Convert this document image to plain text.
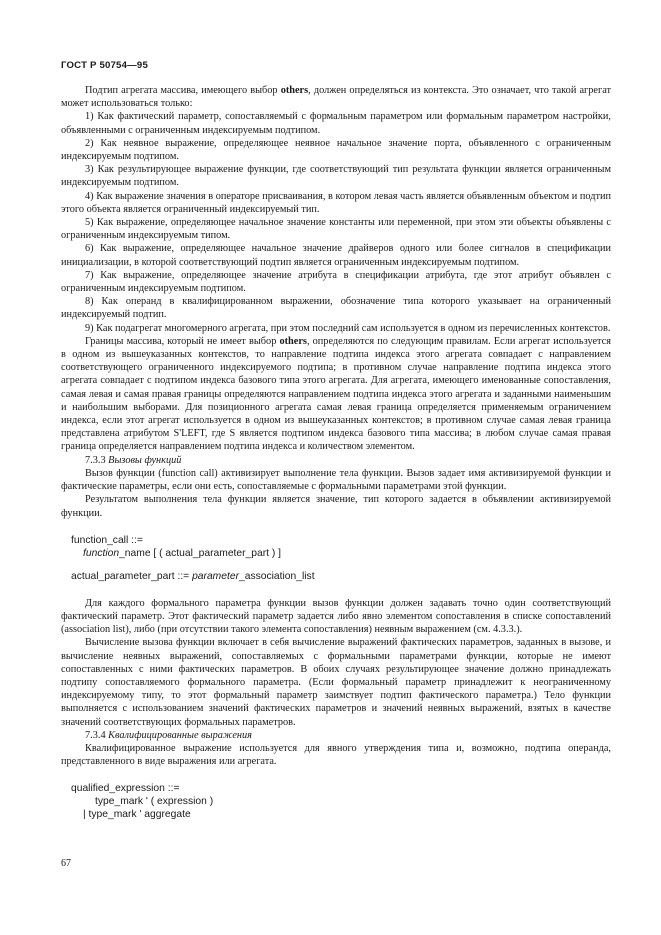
ГОСТ Р 50754—95

Подтип агрегата массива, имеющего выбор others, должен определяться из контекста. Это означает, что такой агрегат может использоваться только:

1) Как фактический параметр, сопоставляемый с формальным параметром или формальным параметром настройки, объявленными с ограниченным индексируемым подтипом.

2) Как неявное выражение, определяющее неявное начальное значение порта, объявленного с ограниченным индексируемым подтипом.

3) Как результирующее выражение функции, где соответствующий тип результата функции является ограниченным индексируемым подтипом.

4) Как выражение значения в операторе присваивания, в котором левая часть является объявленным объектом и подтип этого объекта является ограниченный индексируемый тип.

5) Как выражение, определяющее начальное значение константы или переменной, при этом эти объекты объявлены с ограниченным индексируемым типом.

6) Как выражение, определяющее начальное значение драйверов одного или более сигналов в спецификации инициализации, в которой соответствующий подтип является ограниченным индексируемым подтипом.

7) Как выражение, определяющее значение атрибута в спецификации атрибута, где этот атрибут объявлен с ограниченным индексируемым подтипом.

8) Как операнд в квалифицированном выражении, обозначение типа которого указывает на ограниченный индексируемый подтип.

9) Как подагрегат многомерного агрегата, при этом последний сам используется в одном из перечисленных контекстов.

Границы массива, который не имеет выбор others, определяются по следующим правилам. Если агрегат используется в одном из вышеуказанных контекстов, то направление подтипа индекса этого агрегата совпадает с направлением соответствующего ограниченного индексируемого подтипа; в противном случае направление подтипа индекса этого агрегата совпадает с подтипом индекса базового типа этого агрегата. Для агрегата, имеющего именованные сопоставления, самая левая и самая правая границы определяются направлением подтипа индекса этого агрегата и заданными наименьшим и наибольшим выборами. Для позиционного агрегата самая левая граница определяется применяемым ограничением индекса, если этот агрегат используется в одном из вышеуказанных контекстов; в противном случае самая левая граница представлена атрибутом S'LEFT, где S является подтипом индекса базового типа массива; в любом случае самая правая граница определяется направлением подтипа индекса и количеством элементом.

7.3.3 Вызовы функций

Вызов функции (function call) активизирует выполнение тела функции. Вызов задает имя активизируемой функции и фактические параметры, если они есть, сопоставляемые с формальными параметрами этой функции.

Результатом выполнения тела функции является значение, тип которого задается в объявлении активизируемой функции.

function_call ::=
function_name [ ( actual_parameter_part ) ]
actual_parameter_part ::= parameter_association_list

Для каждого формального параметра функции вызов функции должен задавать точно один соответствующий фактический параметр. Этот фактический параметр задается либо явно элементом сопоставления в списке сопоставлений (association list), либо (при отсутствии такого элемента сопоставления) неявным выражением (см. 4.3.3.).

Вычисление вызова функции включает в себя вычисление выражений фактических параметров, заданных в вызове, и вычисление неявных выражений, сопоставляемых с формальными параметрами функции, которые не имеют сопоставленных с ними фактических параметров. В обоих случаях результирующее значение должно принадлежать подтипу сопоставляемого формального параметра. (Если формальный параметр принадлежит к неограниченному индексируемому типу, то этот формальный параметр заимствует подтип фактического параметра.) Тело функции выполняется с использованием значений фактических параметров и значений неявных выражений, взятых в качестве значений соответствующих формальных параметров.

7.3.4 Квалифицированные выражения

Квалифицированное выражение используется для явного утверждения типа и, возможно, подтипа операнда, представленного в виде выражения или агрегата.

qualified_expression ::=
type_mark ' ( expression )
| type_mark ' aggregate
67
